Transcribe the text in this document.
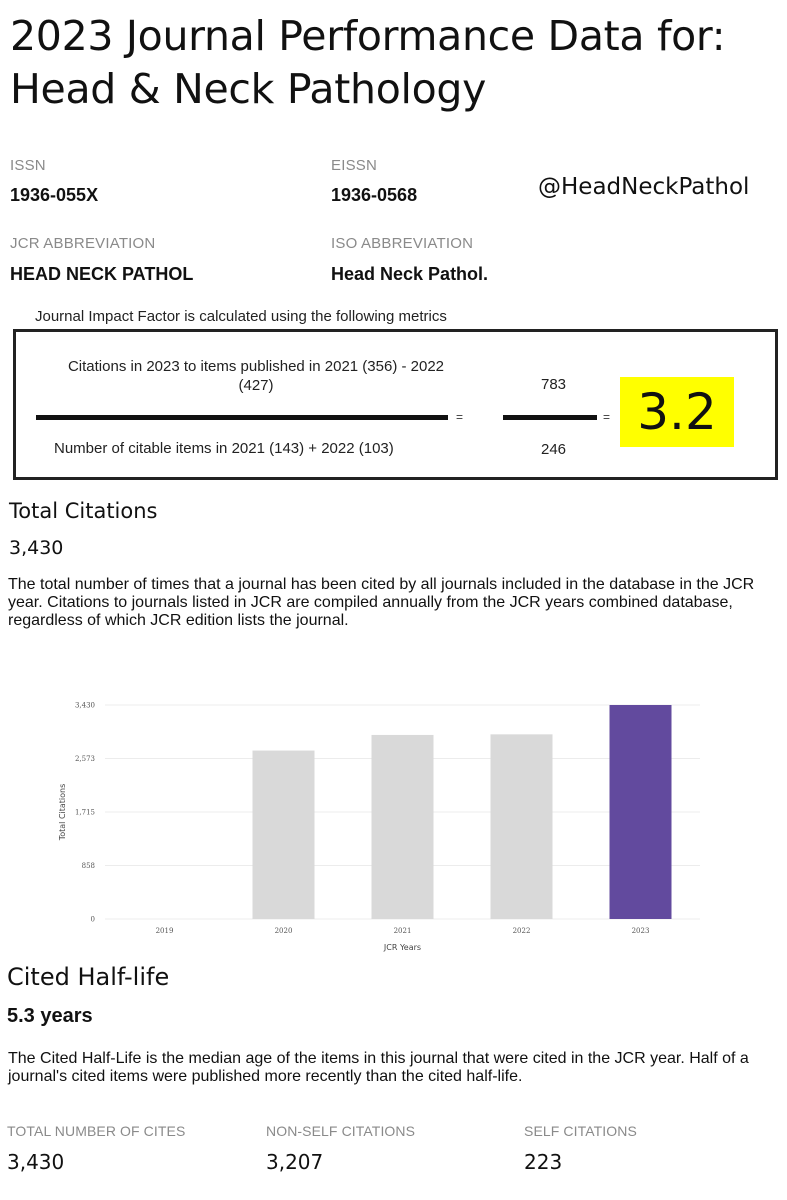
2023 Journal Performance Data for:
Head & Neck Pathology
ISSN
1936-055X
EISSN
1936-0568	@HeadNeckPathol
JCR ABBREVIATION
HEAD NECK PATHOL
ISO ABBREVIATION
Head Neck Pathol.
Journal Impact Factor is calculated using the following metrics
Citations in 2023 to items published in 2021 (356) - 2022 (427)
=	=
Number of citable items in 2021 (143) + 2022 (103)
783
246
3.2
Total Citations
3,430
The total number of times that a journal has been cited by all journals included in the database in the JCR year. Citations to journals listed in JCR are compiled annually from the JCR years combined database, regardless of which JCR edition lists the journal.
0
858
1,715
2,573
3,430
2019	2020	2021	2022	2023
JCR Years
Total Citations
Cited Half-life
5.3 years
The Cited Half-Life is the median age of the items in this journal that were cited in the JCR year. Half of a journal's cited items were published more recently than the cited half-life.
TOTAL NUMBER OF CITES
3,430
NON-SELF CITATIONS
3,207
SELF CITATIONS
223
